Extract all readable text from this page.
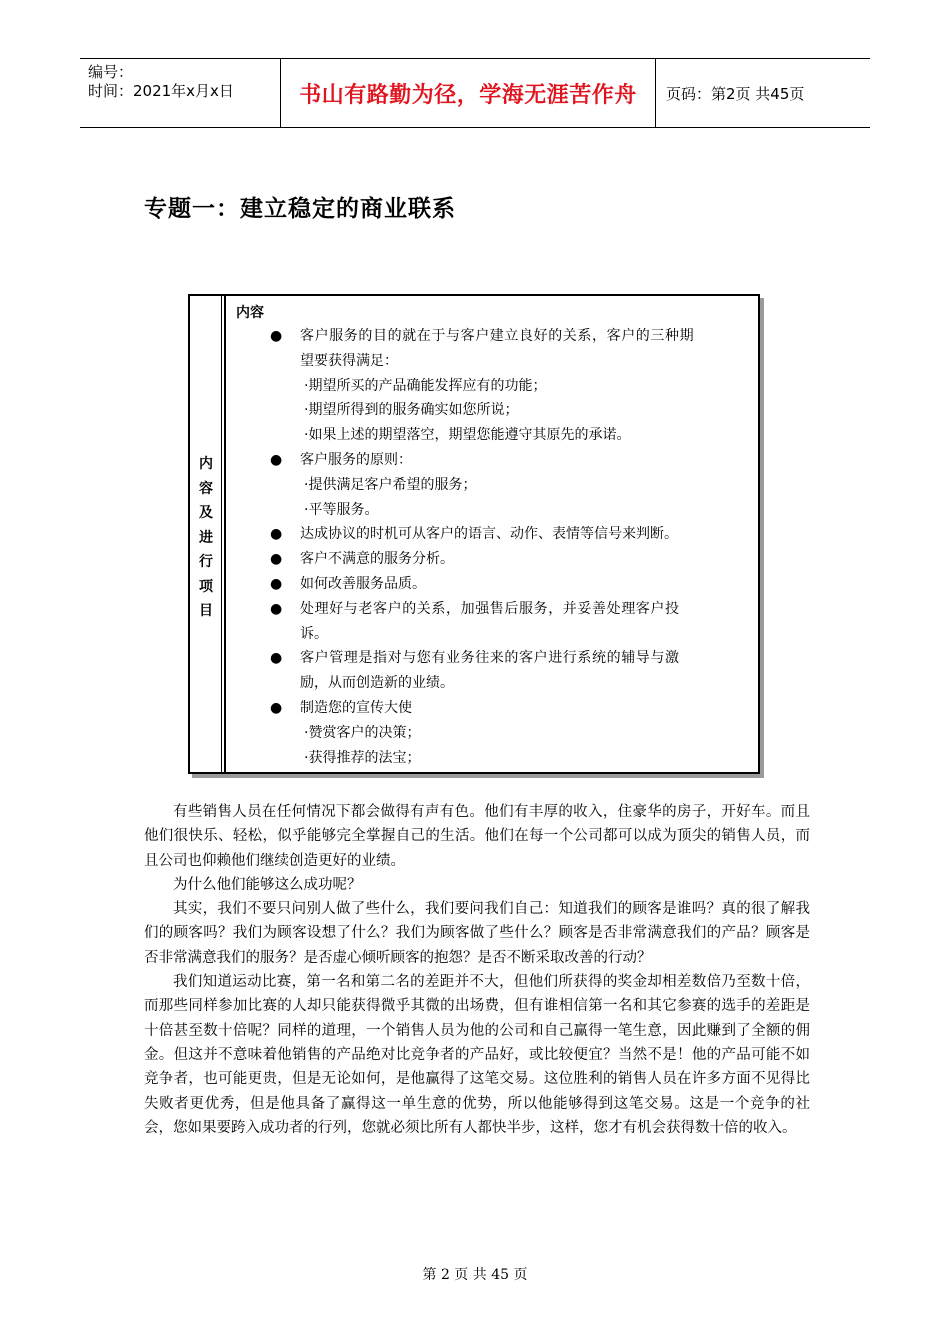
编号：
时间：2021年x月x日	书山有路勤为径，学海无涯苦作舟	页码：第2页 共45页
专题一：建立稳定的商业联系
内
容
及
进
行
项
目
内容
● 客户服务的目的就在于与客户建立良好的关系，客户的三种期
望要获得满足：
·期望所买的产品确能发挥应有的功能；
·期望所得到的服务确实如您所说；
·如果上述的期望落空，期望您能遵守其原先的承诺。
● 客户服务的原则：
·提供满足客户希望的服务；
·平等服务。
● 达成协议的时机可从客户的语言、动作、表情等信号来判断。
● 客户不满意的服务分析。
● 如何改善服务品质。
● 处理好与老客户的关系，加强售后服务，并妥善处理客户投
诉。
● 客户管理是指对与您有业务往来的客户进行系统的辅导与激
励，从而创造新的业绩。
● 制造您的宣传大使
·赞赏客户的决策；
·获得推荐的法宝；

有些销售人员在任何情况下都会做得有声有色。他们有丰厚的收入，住豪华的房子，开好车。而且他们很快乐、轻松，似乎能够完全掌握自己的生活。他们在每一个公司都可以成为顶尖的销售人员，而且公司也仰赖他们继续创造更好的业绩。

为什么他们能够这么成功呢？

其实，我们不要只问别人做了些什么，我们要问我们自己：知道我们的顾客是谁吗？真的很了解我们的顾客吗？我们为顾客设想了什么？我们为顾客做了些什么？顾客是否非常满意我们的产品？顾客是否非常满意我们的服务？是否虚心倾听顾客的抱怨？是否不断采取改善的行动？

我们知道运动比赛，第一名和第二名的差距并不大，但他们所获得的奖金却相差数倍乃至数十倍，而那些同样参加比赛的人却只能获得微乎其微的出场费，但有谁相信第一名和其它参赛的选手的差距是十倍甚至数十倍呢？同样的道理，一个销售人员为他的公司和自己赢得一笔生意，因此赚到了全额的佣金。但这并不意味着他销售的产品绝对比竞争者的产品好，或比较便宜？当然不是！他的产品可能不如竞争者，也可能更贵，但是无论如何，是他赢得了这笔交易。这位胜利的销售人员在许多方面不见得比失败者更优秀，但是他具备了赢得这一单生意的优势，所以他能够得到这笔交易。这是一个竞争的社会，您如果要跨入成功者的行列，您就必须比所有人都快半步，这样，您才有机会获得数十倍的收入。

第 2 页 共 45 页
